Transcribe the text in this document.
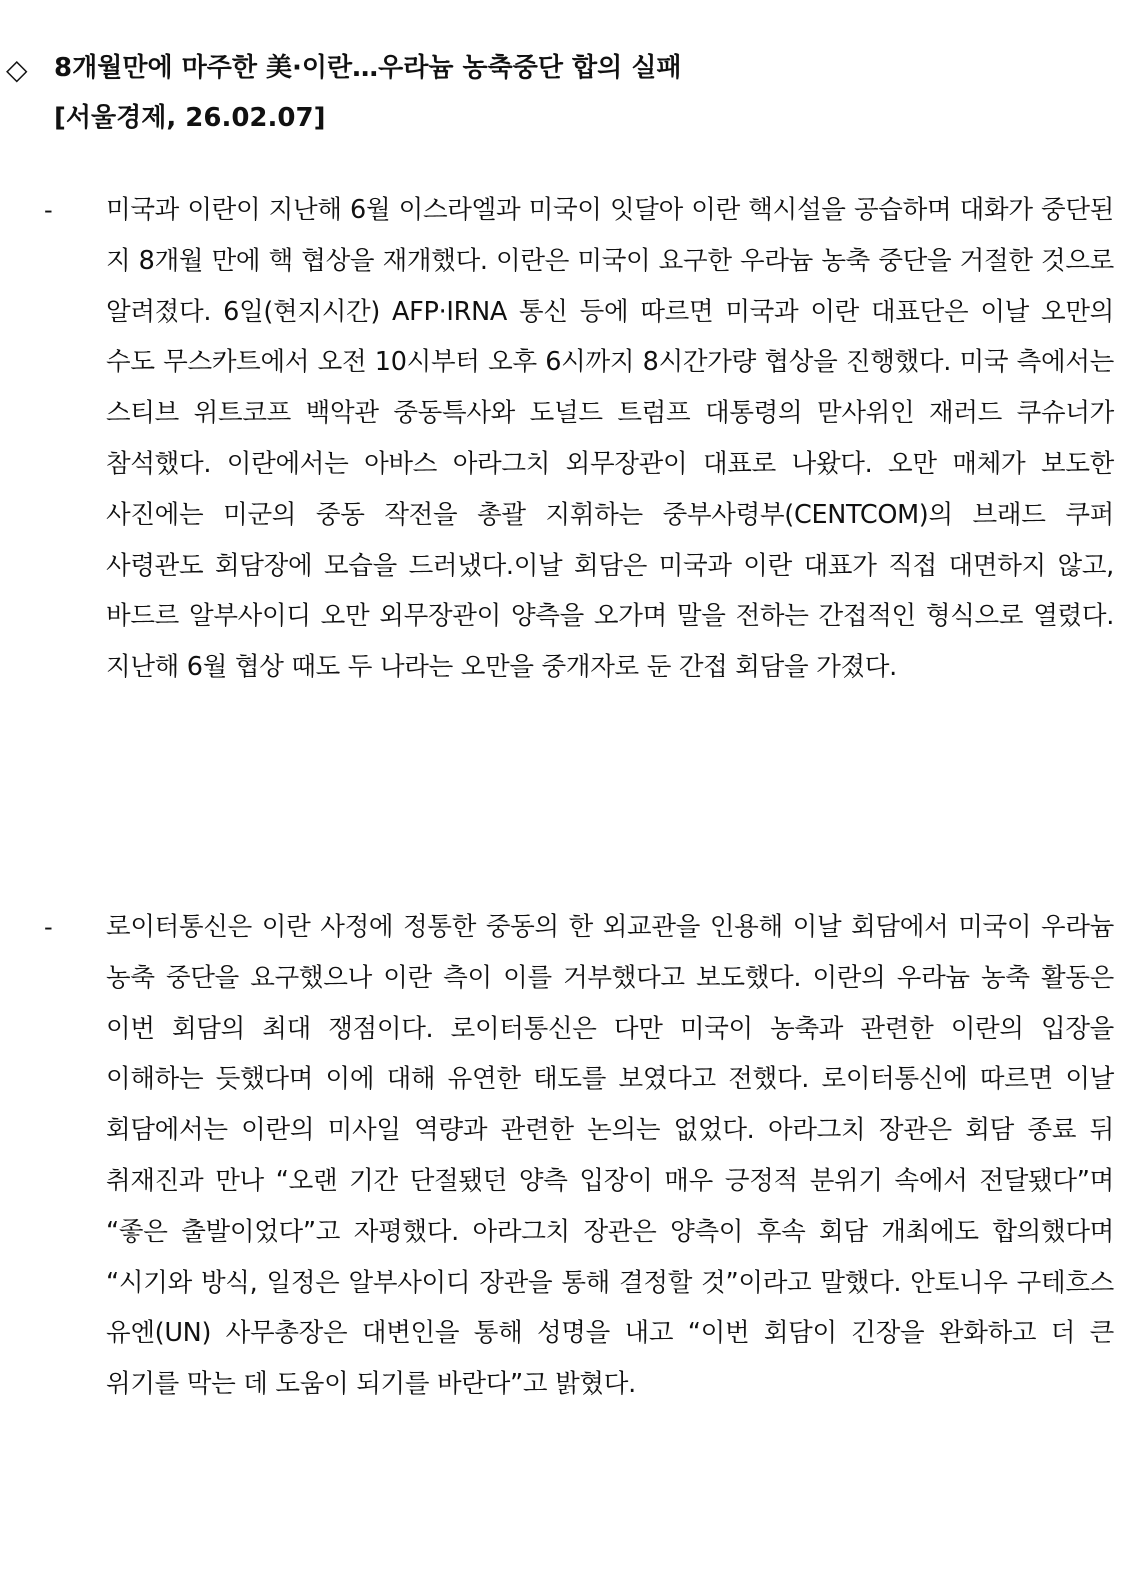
◇ 8개월만에 마주한 美·이란…우라늄 농축중단 합의 실패
[서울경제, 26.02.07]
- 미국과 이란이 지난해 6월 이스라엘과 미국이 잇달아 이란 핵시설을 공습하며 대화가 중단된 지 8개월 만에 핵 협상을 재개했다. 이란은 미국이 요구한 우라늄 농축 중단을 거절한 것으로 알려졌다. 6일(현지시간) AFP·IRNA 통신 등에 따르면 미국과 이란 대표단은 이날 오만의 수도 무스카트에서 오전 10시부터 오후 6시까지 8시간가량 협상을 진행했다. 미국 측에서는 스티브 위트코프 백악관 중동특사와 도널드 트럼프 대통령의 맏사위인 재러드 쿠슈너가 참석했다. 이란에서는 아바스 아라그치 외무장관이 대표로 나왔다. 오만 매체가 보도한 사진에는 미군의 중동 작전을 총괄 지휘하는 중부사령부(CENTCOM)의 브래드 쿠퍼 사령관도 회담장에 모습을 드러냈다.이날 회담은 미국과 이란 대표가 직접 대면하지 않고, 바드르 알부사이디 오만 외무장관이 양측을 오가며 말을 전하는 간접적인 형식으로 열렸다. 지난해 6월 협상 때도 두 나라는 오만을 중개자로 둔 간접 회담을 가졌다.

- 로이터통신은 이란 사정에 정통한 중동의 한 외교관을 인용해 이날 회담에서 미국이 우라늄 농축 중단을 요구했으나 이란 측이 이를 거부했다고 보도했다. 이란의 우라늄 농축 활동은 이번 회담의 최대 쟁점이다. 로이터통신은 다만 미국이 농축과 관련한 이란의 입장을 이해하는 듯했다며 이에 대해 유연한 태도를 보였다고 전했다. 로이터통신에 따르면 이날 회담에서는 이란의 미사일 역량과 관련한 논의는 없었다. 아라그치 장관은 회담 종료 뒤 취재진과 만나 “오랜 기간 단절됐던 양측 입장이 매우 긍정적 분위기 속에서 전달됐다”며 “좋은 출발이었다”고 자평했다. 아라그치 장관은 양측이 후속 회담 개최에도 합의했다며 “시기와 방식, 일정은 알부사이디 장관을 통해 결정할 것”이라고 말했다. 안토니우 구테흐스 유엔(UN) 사무총장은 대변인을 통해 성명을 내고 “이번 회담이 긴장을 완화하고 더 큰 위기를 막는 데 도움이 되기를 바란다”고 밝혔다.
